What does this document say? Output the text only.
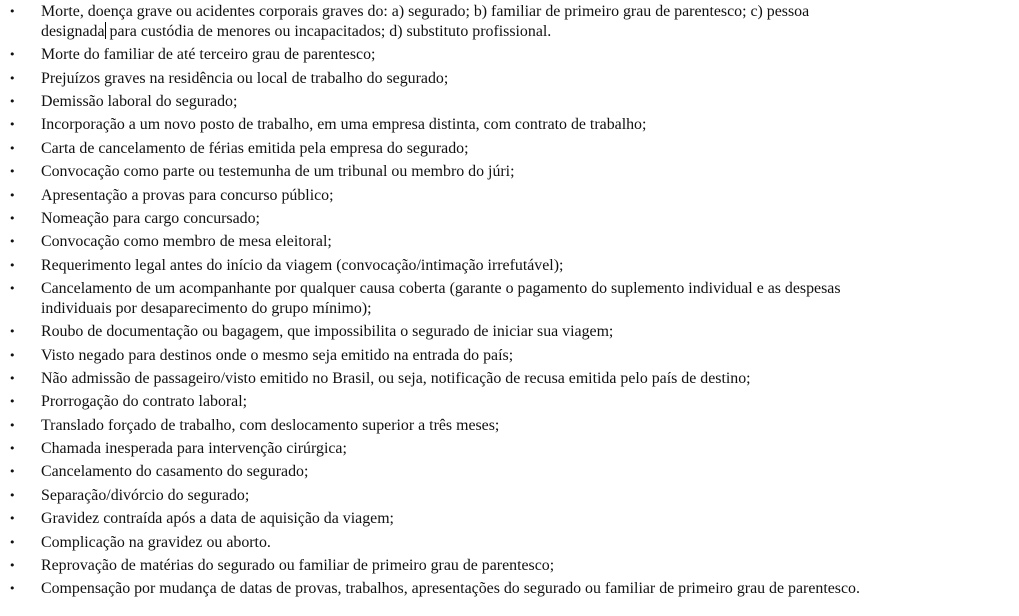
• Morte, doença grave ou acidentes corporais graves do: a) segurado; b) familiar de primeiro grau de parentesco; c) pessoa
designada para custódia de menores ou incapacitados; d) substituto profissional.
• Morte do familiar de até terceiro grau de parentesco;
• Prejuízos graves na residência ou local de trabalho do segurado;
• Demissão laboral do segurado;
• Incorporação a um novo posto de trabalho, em uma empresa distinta, com contrato de trabalho;
• Carta de cancelamento de férias emitida pela empresa do segurado;
• Convocação como parte ou testemunha de um tribunal ou membro do júri;
• Apresentação a provas para concurso público;
• Nomeação para cargo concursado;
• Convocação como membro de mesa eleitoral;
• Requerimento legal antes do início da viagem (convocação/intimação irrefutável);
• Cancelamento de um acompanhante por qualquer causa coberta (garante o pagamento do suplemento individual e as despesas
individuais por desaparecimento do grupo mínimo);
• Roubo de documentação ou bagagem, que impossibilita o segurado de iniciar sua viagem;
• Visto negado para destinos onde o mesmo seja emitido na entrada do país;
• Não admissão de passageiro/visto emitido no Brasil, ou seja, notificação de recusa emitida pelo país de destino;
• Prorrogação do contrato laboral;
• Translado forçado de trabalho, com deslocamento superior a três meses;
• Chamada inesperada para intervenção cirúrgica;
• Cancelamento do casamento do segurado;
• Separação/divórcio do segurado;
• Gravidez contraída após a data de aquisição da viagem;
• Complicação na gravidez ou aborto.
• Reprovação de matérias do segurado ou familiar de primeiro grau de parentesco;
• Compensação por mudança de datas de provas, trabalhos, apresentações do segurado ou familiar de primeiro grau de parentesco.
